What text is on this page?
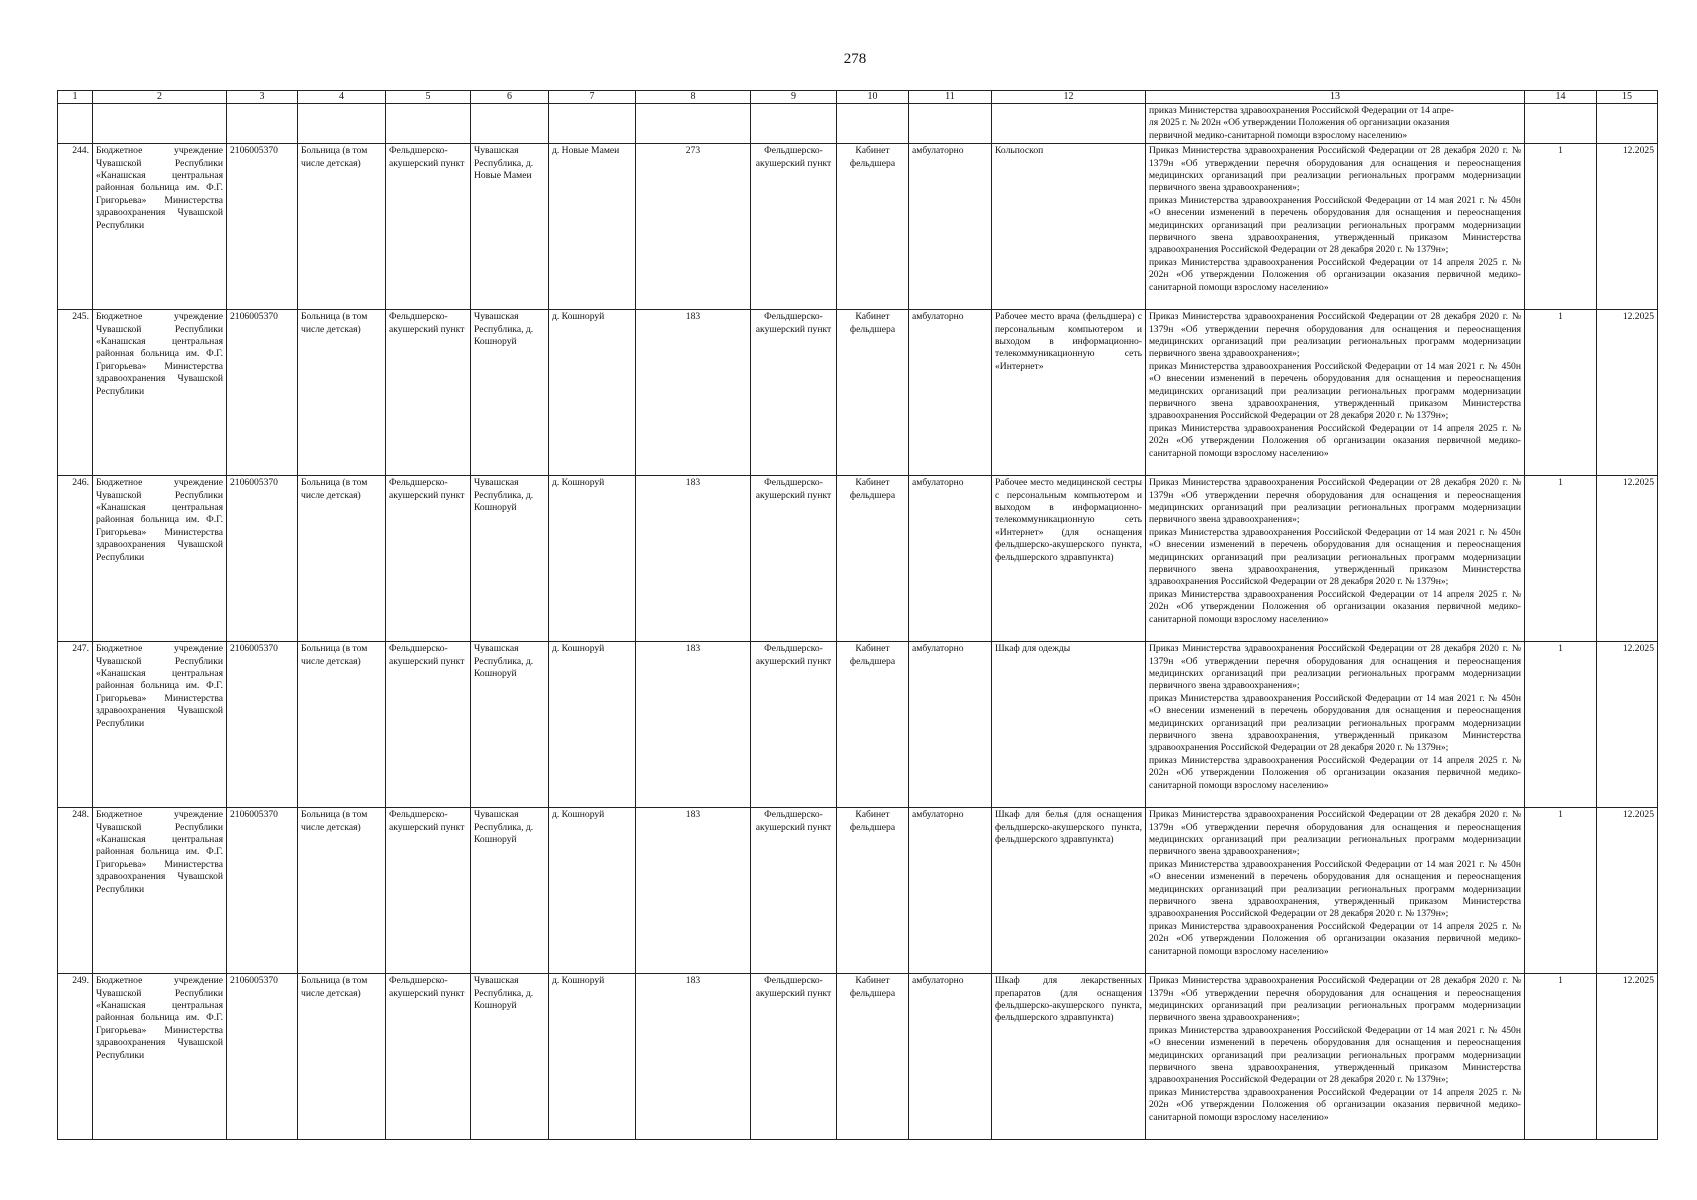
278
1	2	3	4	5	6	7	8	9	10	11	12	13	14	15
												приказ Министерства здравоохранения Российской Федерации от 14 апре-
ля 2025 г. № 202н «Об утверждении Положения об организации оказания
первичной медико-санитарной помощи взрослому населению»		
244.	Бюджетное учреждение Чувашской Республики «Канашская центральная районная больница им. Ф.Г. Григорьева» Министерства здравоохранения Чувашской Республики	2106005370	Больница (в том числе детская)	Фельдшерско-акушерский пункт	Чувашская Республика, д. Новые Мамеи	д. Новые Мамеи	273	Фельдшерско-акушерский пункт	Кабинет фельдшера	амбулаторно	Кольпоскоп	Приказ Министерства здравоохранения Российской Федерации от 28 декабря 2020 г. № 1379н «Об утверждении перечня оборудования для оснащения и переоснащения медицинских организаций при реализации региональных программ модернизации первичного звена здравоохранения»;
приказ Министерства здравоохранения Российской Федерации от 14 мая 2021 г. № 450н «О внесении изменений в перечень оборудования для оснащения и переоснащения медицинских организаций при реализации региональных программ модернизации первичного звена здравоохранения, утвержденный приказом Министерства здравоохранения Российской Федерации от 28 декабря 2020 г. № 1379н»;
приказ Министерства здравоохранения Российской Федерации от 14 апреля 2025 г. № 202н «Об утверждении Положения об организации оказания первичной медико-санитарной помощи взрослому населению»	1	12.2025
245.	Бюджетное учреждение Чувашской Республики «Канашская центральная районная больница им. Ф.Г. Григорьева» Министерства здравоохранения Чувашской Республики	2106005370	Больница (в том числе детская)	Фельдшерско-акушерский пункт	Чувашская Республика, д. Кошноруй	д. Кошноруй	183	Фельдшерско-акушерский пункт	Кабинет фельдшера	амбулаторно	Рабочее место врача (фельдшера) с персональным компьютером и выходом в информационно-телекоммуникационную сеть «Интернет»	Приказ Министерства здравоохранения Российской Федерации от 28 декабря 2020 г. № 1379н «Об утверждении перечня оборудования для оснащения и переоснащения медицинских организаций при реализации региональных программ модернизации первичного звена здравоохранения»;
приказ Министерства здравоохранения Российской Федерации от 14 мая 2021 г. № 450н «О внесении изменений в перечень оборудования для оснащения и переоснащения медицинских организаций при реализации региональных программ модернизации первичного звена здравоохранения, утвержденный приказом Министерства здравоохранения Российской Федерации от 28 декабря 2020 г. № 1379н»;
приказ Министерства здравоохранения Российской Федерации от 14 апреля 2025 г. № 202н «Об утверждении Положения об организации оказания первичной медико-санитарной помощи взрослому населению»	1	12.2025
246.	Бюджетное учреждение Чувашской Республики «Канашская центральная районная больница им. Ф.Г. Григорьева» Министерства здравоохранения Чувашской Республики	2106005370	Больница (в том числе детская)	Фельдшерско-акушерский пункт	Чувашская Республика, д. Кошноруй	д. Кошноруй	183	Фельдшерско-акушерский пункт	Кабинет фельдшера	амбулаторно	Рабочее место медицинской сестры с персональным компьютером и выходом в информационно-телекоммуникационную сеть «Интернет» (для оснащения фельдшерско-акушерского пункта, фельдшерского здравпункта)	Приказ Министерства здравоохранения Российской Федерации от 28 декабря 2020 г. № 1379н «Об утверждении перечня оборудования для оснащения и переоснащения медицинских организаций при реализации региональных программ модернизации первичного звена здравоохранения»;
приказ Министерства здравоохранения Российской Федерации от 14 мая 2021 г. № 450н «О внесении изменений в перечень оборудования для оснащения и переоснащения медицинских организаций при реализации региональных программ модернизации первичного звена здравоохранения, утвержденный приказом Министерства здравоохранения Российской Федерации от 28 декабря 2020 г. № 1379н»;
приказ Министерства здравоохранения Российской Федерации от 14 апреля 2025 г. № 202н «Об утверждении Положения об организации оказания первичной медико-санитарной помощи взрослому населению»	1	12.2025
247.	Бюджетное учреждение Чувашской Республики «Канашская центральная районная больница им. Ф.Г. Григорьева» Министерства здравоохранения Чувашской Республики	2106005370	Больница (в том числе детская)	Фельдшерско-акушерский пункт	Чувашская Республика, д. Кошноруй	д. Кошноруй	183	Фельдшерско-акушерский пункт	Кабинет фельдшера	амбулаторно	Шкаф для одежды	Приказ Министерства здравоохранения Российской Федерации от 28 декабря 2020 г. № 1379н «Об утверждении перечня оборудования для оснащения и переоснащения медицинских организаций при реализации региональных программ модернизации первичного звена здравоохранения»;
приказ Министерства здравоохранения Российской Федерации от 14 мая 2021 г. № 450н «О внесении изменений в перечень оборудования для оснащения и переоснащения медицинских организаций при реализации региональных программ модернизации первичного звена здравоохранения, утвержденный приказом Министерства здравоохранения Российской Федерации от 28 декабря 2020 г. № 1379н»;
приказ Министерства здравоохранения Российской Федерации от 14 апреля 2025 г. № 202н «Об утверждении Положения об организации оказания первичной медико-санитарной помощи взрослому населению»	1	12.2025
248.	Бюджетное учреждение Чувашской Республики «Канашская центральная районная больница им. Ф.Г. Григорьева» Министерства здравоохранения Чувашской Республики	2106005370	Больница (в том числе детская)	Фельдшерско-акушерский пункт	Чувашская Республика, д. Кошноруй	д. Кошноруй	183	Фельдшерско-акушерский пункт	Кабинет фельдшера	амбулаторно	Шкаф для белья (для оснащения фельдшерско-акушерского пункта, фельдшерского здравпункта)	Приказ Министерства здравоохранения Российской Федерации от 28 декабря 2020 г. № 1379н «Об утверждении перечня оборудования для оснащения и переоснащения медицинских организаций при реализации региональных программ модернизации первичного звена здравоохранения»;
приказ Министерства здравоохранения Российской Федерации от 14 мая 2021 г. № 450н «О внесении изменений в перечень оборудования для оснащения и переоснащения медицинских организаций при реализации региональных программ модернизации первичного звена здравоохранения, утвержденный приказом Министерства здравоохранения Российской Федерации от 28 декабря 2020 г. № 1379н»;
приказ Министерства здравоохранения Российской Федерации от 14 апреля 2025 г. № 202н «Об утверждении Положения об организации оказания первичной медико-санитарной помощи взрослому населению»	1	12.2025
249.	Бюджетное учреждение Чувашской Республики «Канашская центральная районная больница им. Ф.Г. Григорьева» Министерства здравоохранения Чувашской Республики	2106005370	Больница (в том числе детская)	Фельдшерско-акушерский пункт	Чувашская Республика, д. Кошноруй	д. Кошноруй	183	Фельдшерско-акушерский пункт	Кабинет фельдшера	амбулаторно	Шкаф для лекарственных препаратов (для оснащения фельдшерско-акушерского пункта, фельдшерского здравпункта)	Приказ Министерства здравоохранения Российской Федерации от 28 декабря 2020 г. № 1379н «Об утверждении перечня оборудования для оснащения и переоснащения медицинских организаций при реализации региональных программ модернизации первичного звена здравоохранения»;
приказ Министерства здравоохранения Российской Федерации от 14 мая 2021 г. № 450н «О внесении изменений в перечень оборудования для оснащения и переоснащения медицинских организаций при реализации региональных программ модернизации первичного звена здравоохранения, утвержденный приказом Министерства здравоохранения Российской Федерации от 28 декабря 2020 г. № 1379н»;
приказ Министерства здравоохранения Российской Федерации от 14 апреля 2025 г. № 202н «Об утверждении Положения об организации оказания первичной медико-санитарной помощи взрослому населению»	1	12.2025
